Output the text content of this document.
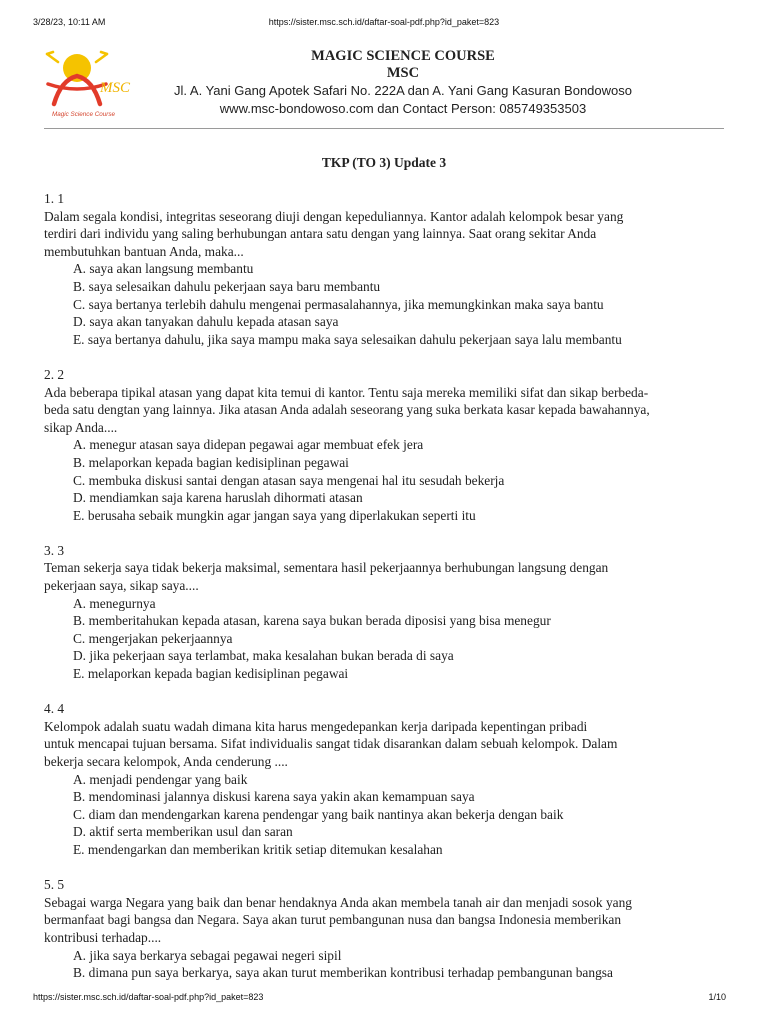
3/28/23, 10:11 AM	https://sister.msc.sch.id/daftar-soal-pdf.php?id_paket=823
MSC
Magic Science Course
MAGIC SCIENCE COURSE
MSC
Jl. A. Yani Gang Apotek Safari No. 222A dan A. Yani Gang Kasuran Bondowoso
www.msc-bondowoso.com dan Contact Person: 085749353503
TKP (TO 3) Update 3
1. 1
Dalam segala kondisi, integritas seseorang diuji dengan kepeduliannya. Kantor adalah kelompok besar yang
terdiri dari individu yang saling berhubungan antara satu dengan yang lainnya. Saat orang sekitar Anda
membutuhkan bantuan Anda, maka...
A. saya akan langsung membantu
B. saya selesaikan dahulu pekerjaan saya baru membantu
C. saya bertanya terlebih dahulu mengenai permasalahannya, jika memungkinkan maka saya bantu
D. saya akan tanyakan dahulu kepada atasan saya
E. saya bertanya dahulu, jika saya mampu maka saya selesaikan dahulu pekerjaan saya lalu membantu
2. 2
Ada beberapa tipikal atasan yang dapat kita temui di kantor. Tentu saja mereka memiliki sifat dan sikap berbeda-
beda satu dengtan yang lainnya. Jika atasan Anda adalah seseorang yang suka berkata kasar kepada bawahannya,
sikap Anda....
A. menegur atasan saya didepan pegawai agar membuat efek jera
B. melaporkan kepada bagian kedisiplinan pegawai
C. membuka diskusi santai dengan atasan saya mengenai hal itu sesudah bekerja
D. mendiamkan saja karena haruslah dihormati atasan
E. berusaha sebaik mungkin agar jangan saya yang diperlakukan seperti itu
3. 3
Teman sekerja saya tidak bekerja maksimal, sementara hasil pekerjaannya berhubungan langsung dengan
pekerjaan saya, sikap saya....
A. menegurnya
B. memberitahukan kepada atasan, karena saya bukan berada diposisi yang bisa menegur
C. mengerjakan pekerjaannya
D. jika pekerjaan saya terlambat, maka kesalahan bukan berada di saya
E. melaporkan kepada bagian kedisiplinan pegawai
4. 4
Kelompok adalah suatu wadah dimana kita harus mengedepankan kerja daripada kepentingan pribadi
untuk mencapai tujuan bersama. Sifat individualis sangat tidak disarankan dalam sebuah kelompok. Dalam
bekerja secara kelompok, Anda cenderung ....
A. menjadi pendengar yang baik
B. mendominasi jalannya diskusi karena saya yakin akan kemampuan saya
C. diam dan mendengarkan karena pendengar yang baik nantinya akan bekerja dengan baik
D. aktif serta memberikan usul dan saran
E. mendengarkan dan memberikan kritik setiap ditemukan kesalahan
5. 5
Sebagai warga Negara yang baik dan benar hendaknya Anda akan membela tanah air dan menjadi sosok yang
bermanfaat bagi bangsa dan Negara. Saya akan turut pembangunan nusa dan bangsa Indonesia memberikan
kontribusi terhadap....
A. jika saya berkarya sebagai pegawai negeri sipil
B. dimana pun saya berkarya, saya akan turut memberikan kontribusi terhadap pembangunan bangsa
https://sister.msc.sch.id/daftar-soal-pdf.php?id_paket=823	1/10
